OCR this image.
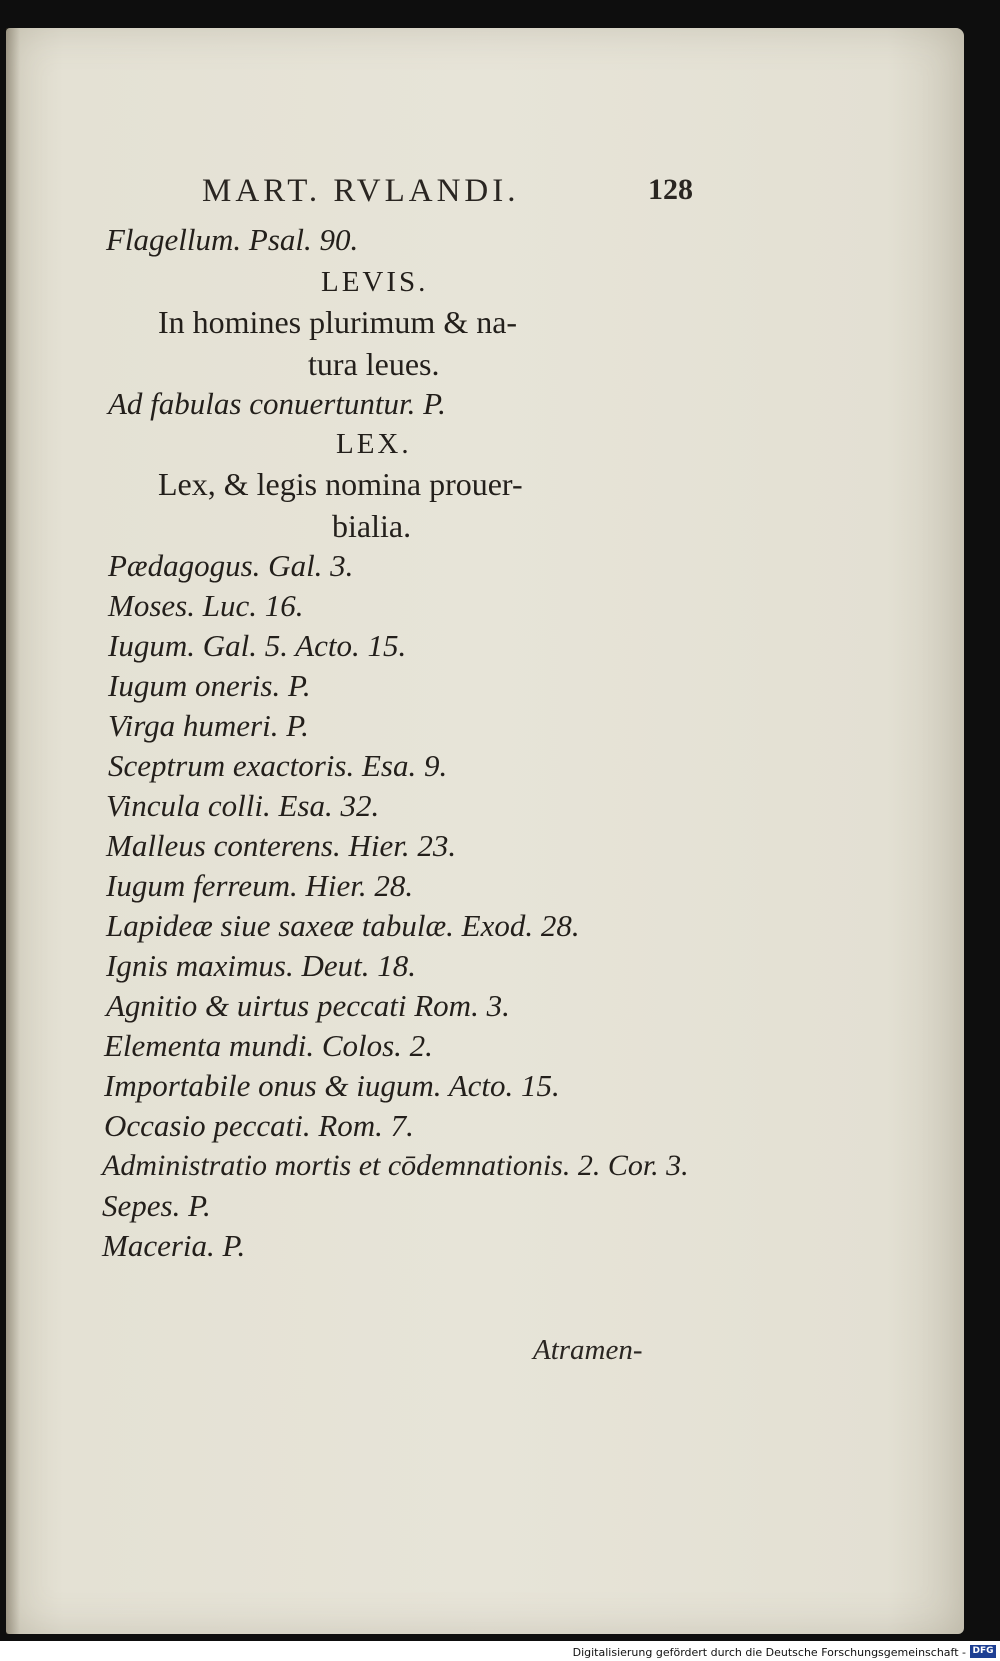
MART. RVLANDI.	128
Flagellum. Psal. 90.
LEVIS.
In homines plurimum & na-
tura leues.
Ad fabulas conuertuntur. P.
LEX.
Lex, & legis nomina prouer-
bialia.
Pædagogus. Gal. 3.
Moses. Luc. 16.
Iugum. Gal. 5. Acto. 15.
Iugum oneris. P.
Virga humeri. P.
Sceptrum exactoris. Esa. 9.
Vincula colli. Esa. 32.
Malleus conterens. Hier. 23.
Iugum ferreum. Hier. 28.
Lapideæ siue saxeæ tabulæ. Exod. 28.
Ignis maximus. Deut. 18.
Agnitio & uirtus peccati Rom. 3.
Elementa mundi. Colos. 2.
Importabile onus & iugum. Acto. 15.
Occasio peccati. Rom. 7.
Administratio mortis et cōdemnationis. 2. Cor. 3.
Sepes. P.
Maceria. P.
Atramen-
Digitalisierung gefördert durch die Deutsche Forschungsgemeinschaft - DFG
